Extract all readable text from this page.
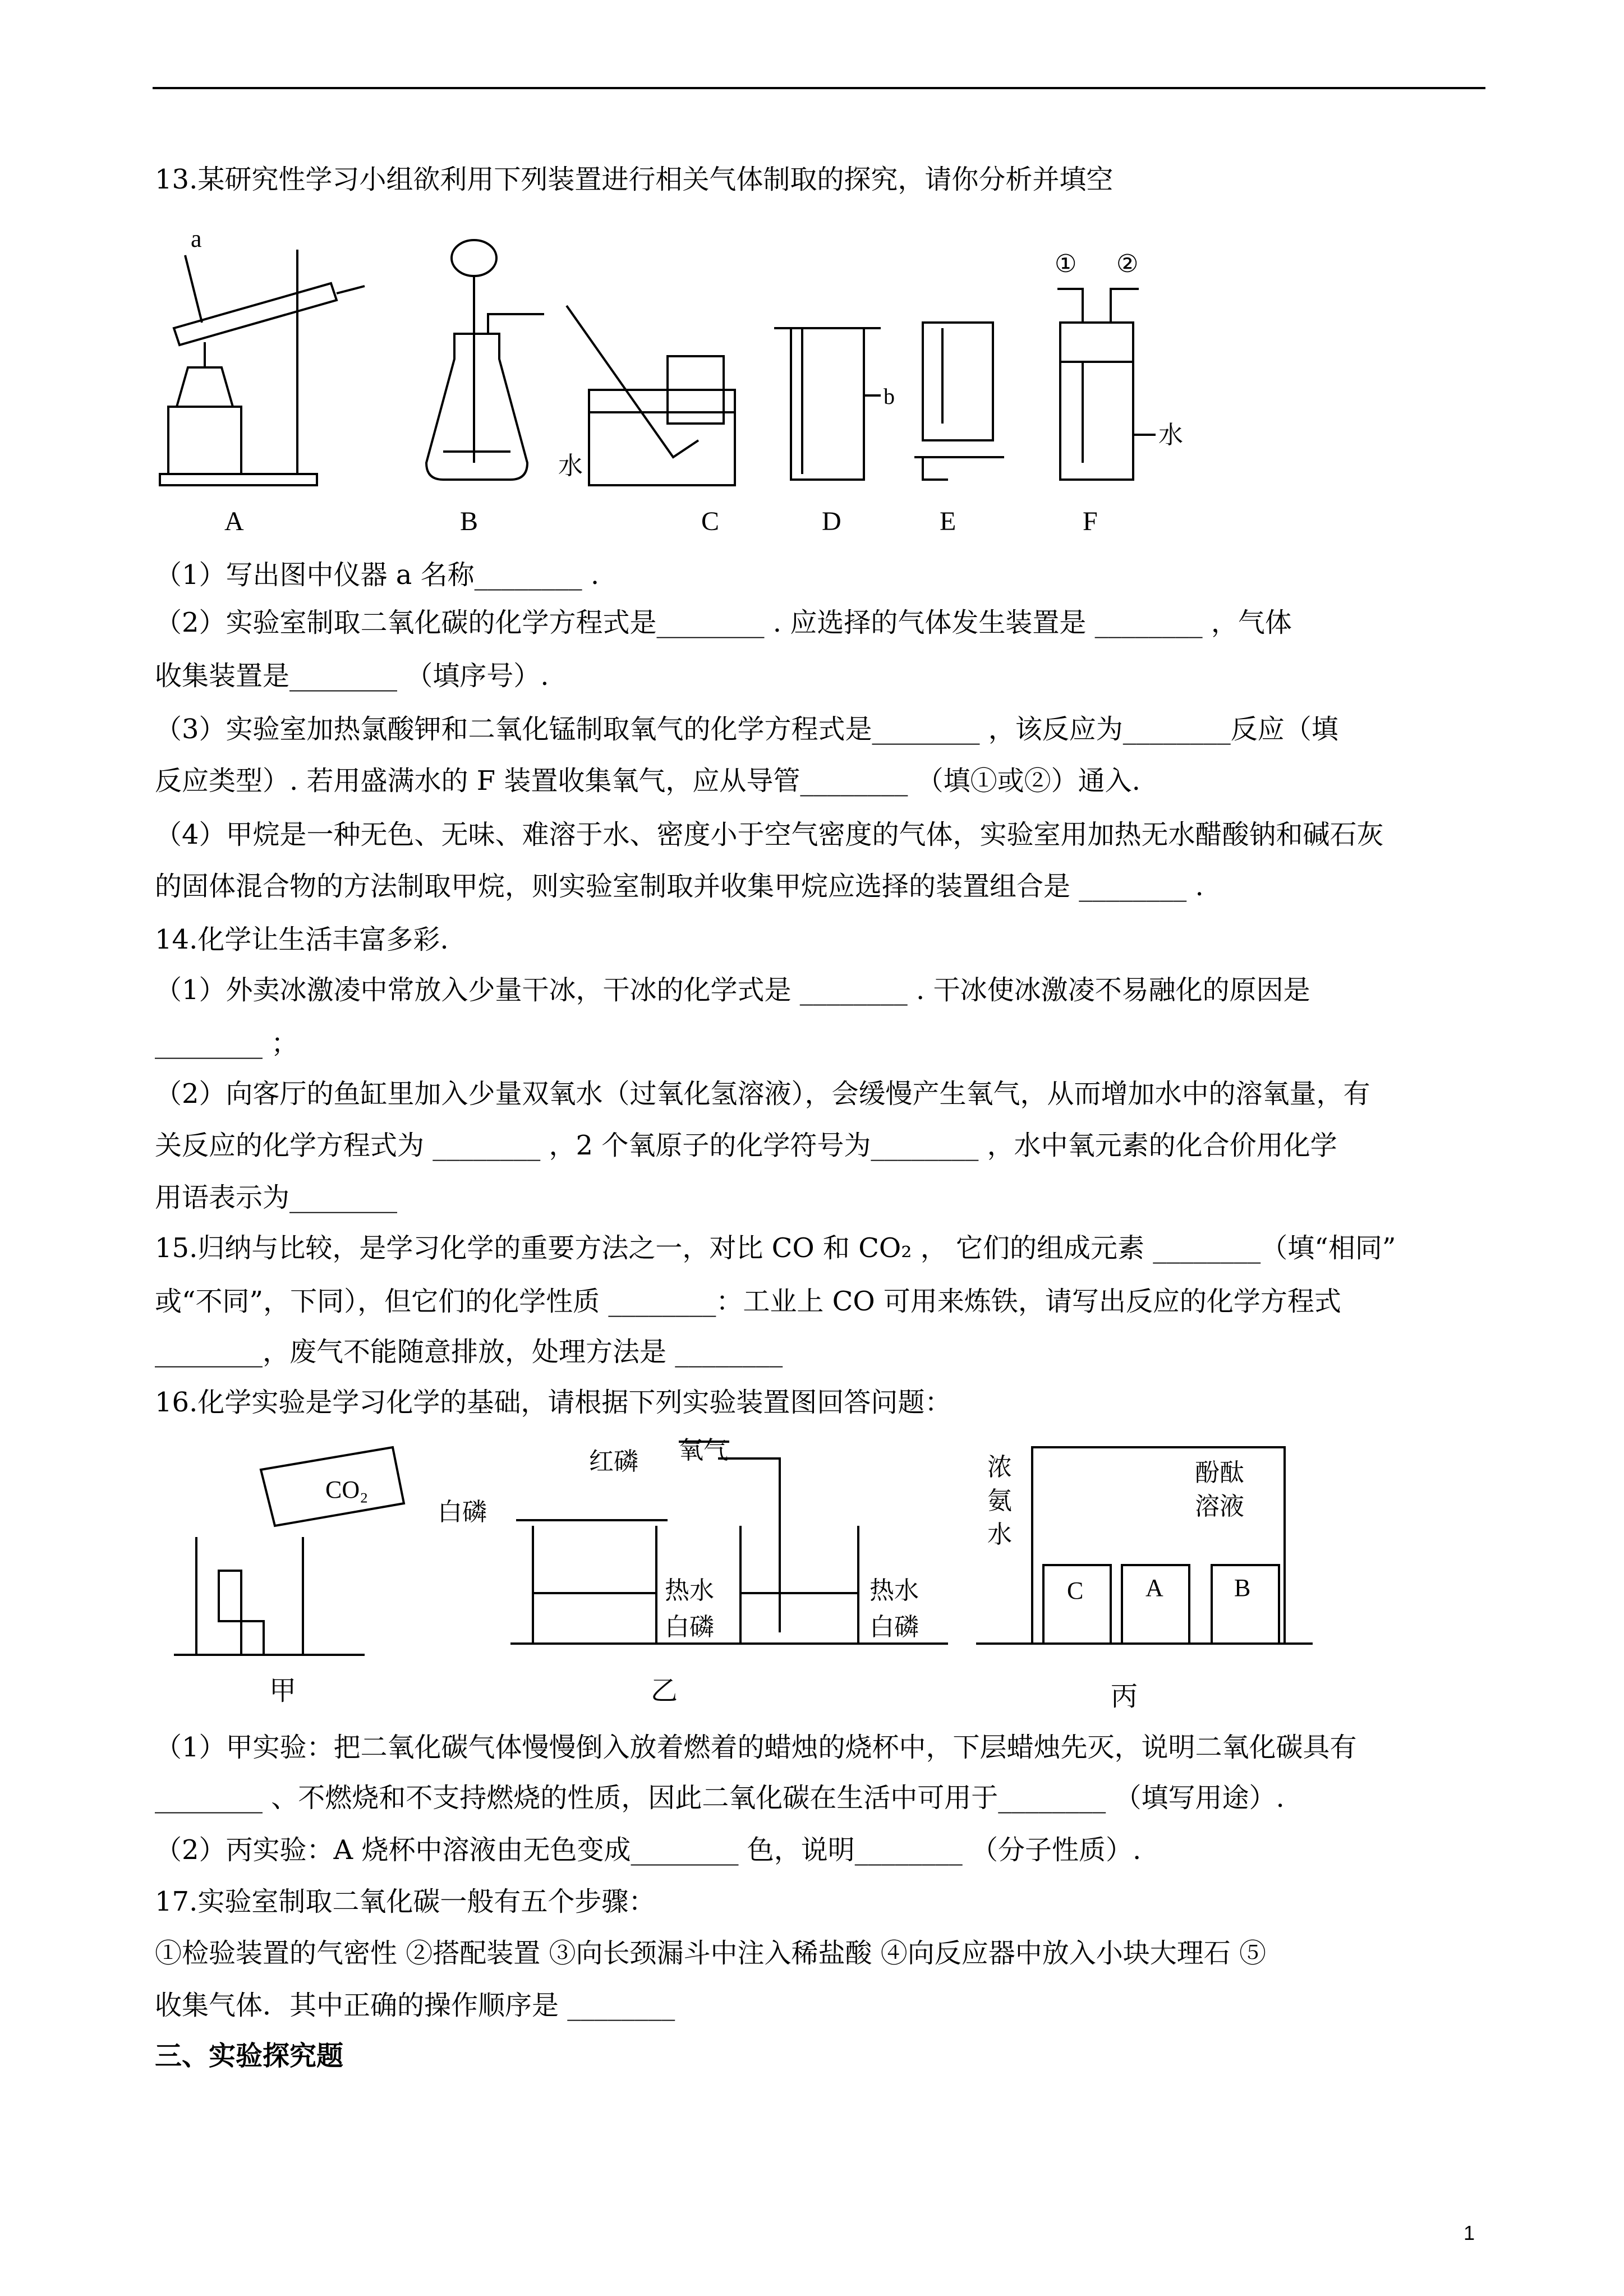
13.某研究性学习小组欲利用下列装置进行相关气体制取的探究，请你分析并填空
a
A	B
水
C
b
D	E
① ②
水
F
（1）写出图中仪器 a 名称________ .
（2）实验室制取二氧化碳的化学方程式是________ . 应选择的气体发生装置是 ________ ，气体
收集装置是________ （填序号）.
（3）实验室加热氯酸钾和二氧化锰制取氧气的化学方程式是________ ，该反应为________反应（填
反应类型）. 若用盛满水的 F 装置收集氧气，应从导管________ （填①或②）通入.
（4）甲烷是一种无色、无味、难溶于水、密度小于空气密度的气体，实验室用加热无水醋酸钠和碱石灰
的固体混合物的方法制取甲烷，则实验室制取并收集甲烷应选择的装置组合是 ________ .
14.化学让生活丰富多彩.
（1）外卖冰激凌中常放入少量干冰，干冰的化学式是 ________ . 干冰使冰激凌不易融化的原因是
________ ；
（2）向客厅的鱼缸里加入少量双氧水（过氧化氢溶液），会缓慢产生氧气，从而增加水中的溶氧量，有
关反应的化学方程式为 ________ ，2 个氧原子的化学符号为________ ，水中氧元素的化合价用化学
用语表示为________
15.归纳与比较，是学习化学的重要方法之一，对比 CO 和 CO₂ ， 它们的组成元素 ________（填“相同”
或“不同”，下同），但它们的化学性质 ________：工业上 CO 可用来炼铁，请写出反应的化学方程式
________，废气不能随意排放，处理方法是 ________
16.化学实验是学习化学的基础，请根据下列实验装置图回答问题：
CO₂
甲
白磷
红磷 氧气
热水
白磷
热水
白磷
乙
浓
氨
水
酚酞
溶液
C	A	B
丙
（1）甲实验：把二氧化碳气体慢慢倒入放着燃着的蜡烛的烧杯中，下层蜡烛先灭，说明二氧化碳具有
________ 、不燃烧和不支持燃烧的性质，因此二氧化碳在生活中可用于________ （填写用途）.
（2）丙实验：A 烧杯中溶液由无色变成________ 色，说明________ （分子性质）.
17.实验室制取二氧化碳一般有五个步骤：
①检验装置的气密性 ②搭配装置 ③向长颈漏斗中注入稀盐酸 ④向反应器中放入小块大理石 ⑤
收集气体．其中正确的操作顺序是 ________
三、实验探究题
1
